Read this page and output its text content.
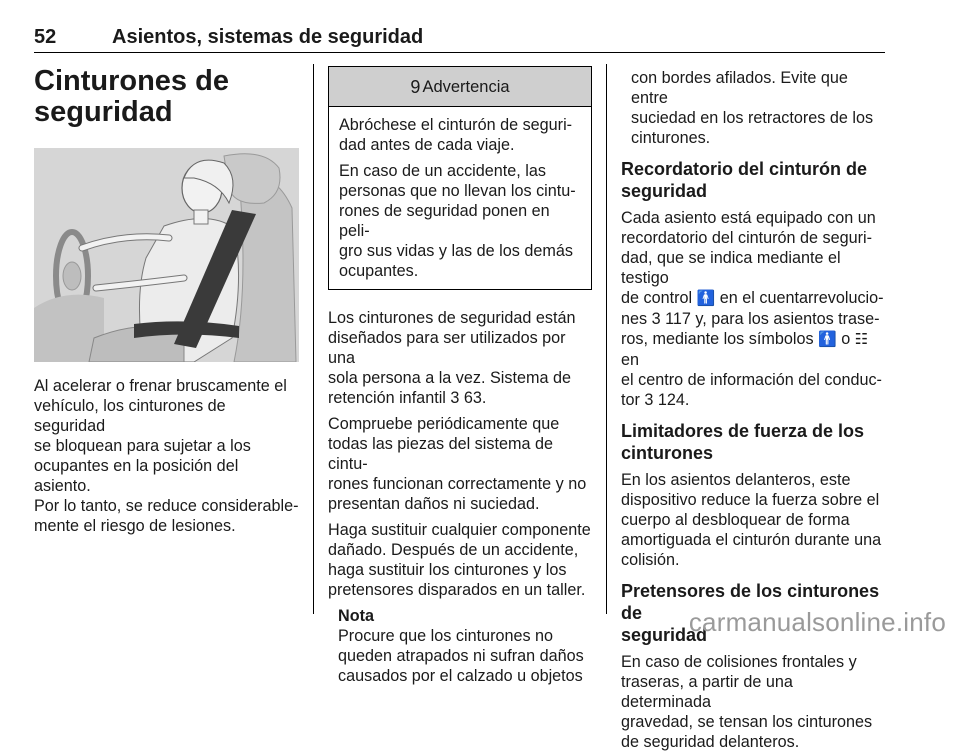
52	Asientos, sistemas de seguridad
Cinturones de
seguridad
Al acelerar o frenar bruscamente el
vehículo, los cinturones de seguridad
se bloquean para sujetar a los
ocupantes en la posición del asiento.
Por lo tanto, se reduce considerable‐
mente el riesgo de lesiones.
9 Advertencia

Abróchese el cinturón de seguri‐
dad antes de cada viaje.

En caso de un accidente, las
personas que no llevan los cintu‐
rones de seguridad ponen en peli‐
gro sus vidas y las de los demás
ocupantes.

Los cinturones de seguridad están
diseñados para ser utilizados por una
sola persona a la vez. Sistema de
retención infantil 3 63.

Compruebe periódicamente que
todas las piezas del sistema de cintu‐
rones funcionan correctamente y no
presentan daños ni suciedad.

Haga sustituir cualquier componente
dañado. Después de un accidente,
haga sustituir los cinturones y los
pretensores disparados en un taller.

Nota
Procure que los cinturones no
queden atrapados ni sufran daños
causados por el calzado u objetos
con bordes afilados. Evite que entre
suciedad en los retractores de los
cinturones.
Recordatorio del cinturón de
seguridad

Cada asiento está equipado con un
recordatorio del cinturón de seguri‐
dad, que se indica mediante el testigo
de control 🚹 en el cuentarrevolucio‐
nes 3 117 y, para los asientos trase‐
ros, mediante los símbolos 🚹 o ☷ en
el centro de información del conduc‐
tor 3 124.

Limitadores de fuerza de los
cinturones

En los asientos delanteros, este
dispositivo reduce la fuerza sobre el
cuerpo al desbloquear de forma
amortiguada el cinturón durante una
colisión.

Pretensores de los cinturones de
seguridad

En caso de colisiones frontales y
traseras, a partir de una determinada
gravedad, se tensan los cinturones
de seguridad delanteros.

carmanualsonline.info
